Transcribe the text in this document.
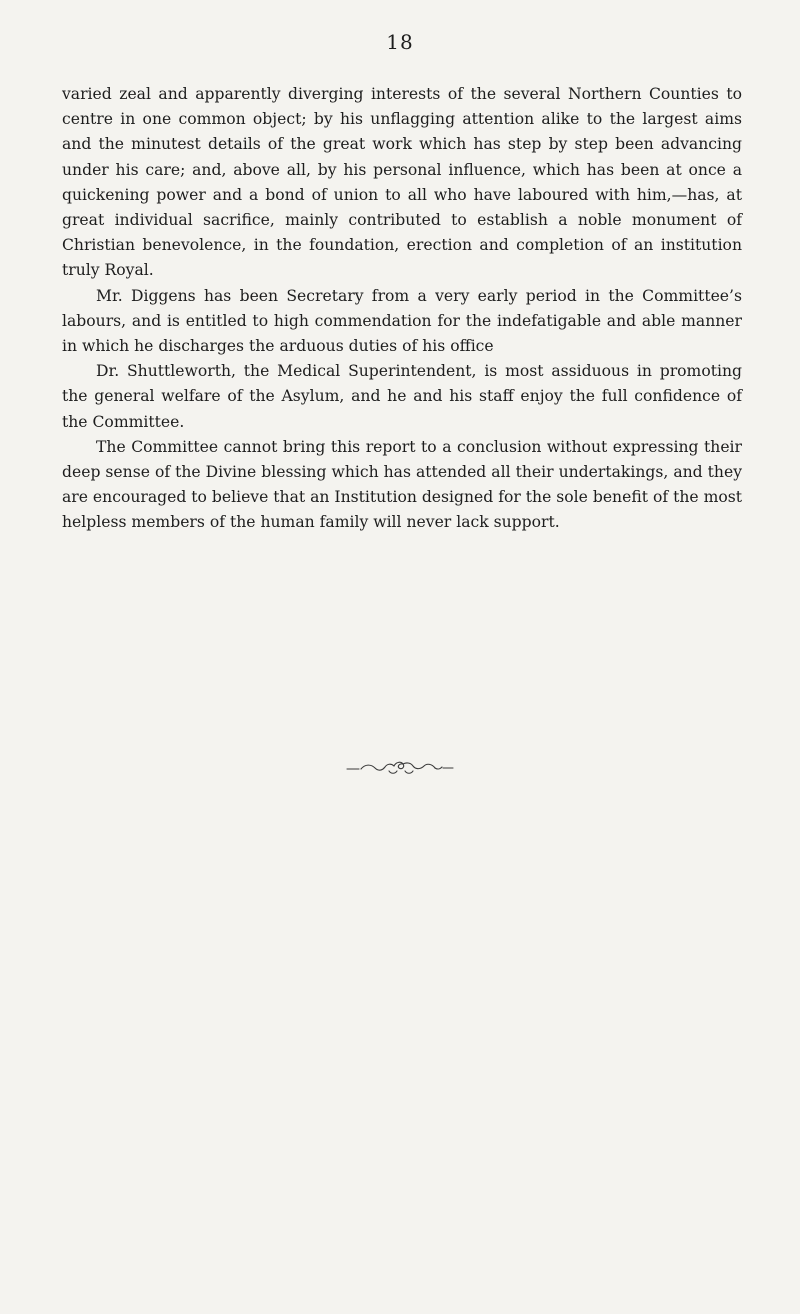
18

varied zeal and apparently diverging interests of the several Northern Counties to centre in one common object; by his unflagging attention alike to the largest aims and the minutest details of the great work which has step by step been advancing under his care; and, above all, by his personal influence, which has been at once a quickening power and a bond of union to all who have laboured with him,—has, at great individual sacrifice, mainly contributed to establish a noble monument of Christian benevolence, in the foundation, erection and completion of an institution truly Royal.

Mr. Diggens has been Secretary from a very early period in the Committee’s labours, and is entitled to high commendation for the indefatigable and able manner in which he discharges the arduous duties of his office

Dr. Shuttleworth, the Medical Superintendent, is most assiduous in promoting the general welfare of the Asylum, and he and his staff enjoy the full confidence of the Committee.

The Committee cannot bring this report to a conclusion without expressing their deep sense of the Divine blessing which has attended all their undertakings, and they are encouraged to believe that an Institution designed for the sole benefit of the most helpless members of the human family will never lack support.
